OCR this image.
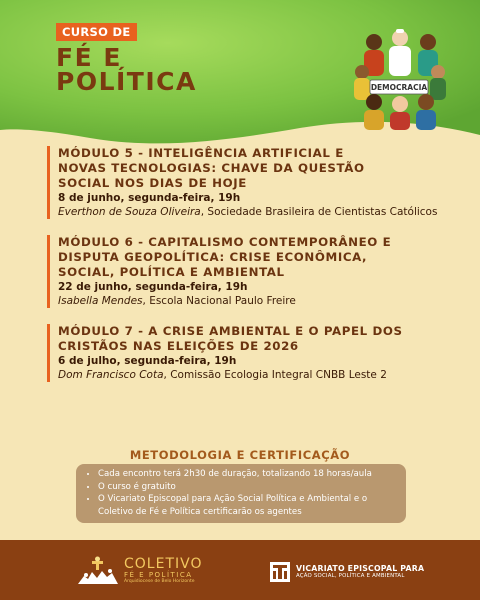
CURSO DE
FÉ E
POLÍTICA	DEMOCRACIA

MÓDULO 5 - INTELIGÊNCIA ARTIFICIAL E
NOVAS TECNOLOGIAS: CHAVE DA QUESTÃO
SOCIAL NOS DIAS DE HOJE

8 de junho, segunda-feira, 19h

Everthon de Souza Oliveira, Sociedade Brasileira de Cientistas Católicos

MÓDULO 6 - CAPITALISMO CONTEMPORÂNEO E
DISPUTA GEOPOLÍTICA: CRISE ECONÔMICA,
SOCIAL, POLÍTICA E AMBIENTAL

22 de junho, segunda-feira, 19h

Isabella Mendes, Escola Nacional Paulo Freire

MÓDULO 7 - A CRISE AMBIENTAL E O PAPEL DOS
CRISTÃOS NAS ELEIÇÕES DE 2026

6 de julho, segunda-feira, 19h

Dom Francisco Cota, Comissão Ecologia Integral CNBB Leste 2

METODOLOGIA E CERTIFICAÇÃO
• Cada encontro terá 2h30 de duração, totalizando 18 horas/aula
• O curso é gratuito
• O Vicariato Episcopal para Ação Social Política e Ambiental e o Coletivo de Fé e Política certificarão os agentes
COLETIVO
FÉ E POLÍTICA
Arquidiocese de Belo Horizonte
VICARIATO EPISCOPAL PARA
AÇÃO SOCIAL, POLÍTICA E AMBIENTAL
